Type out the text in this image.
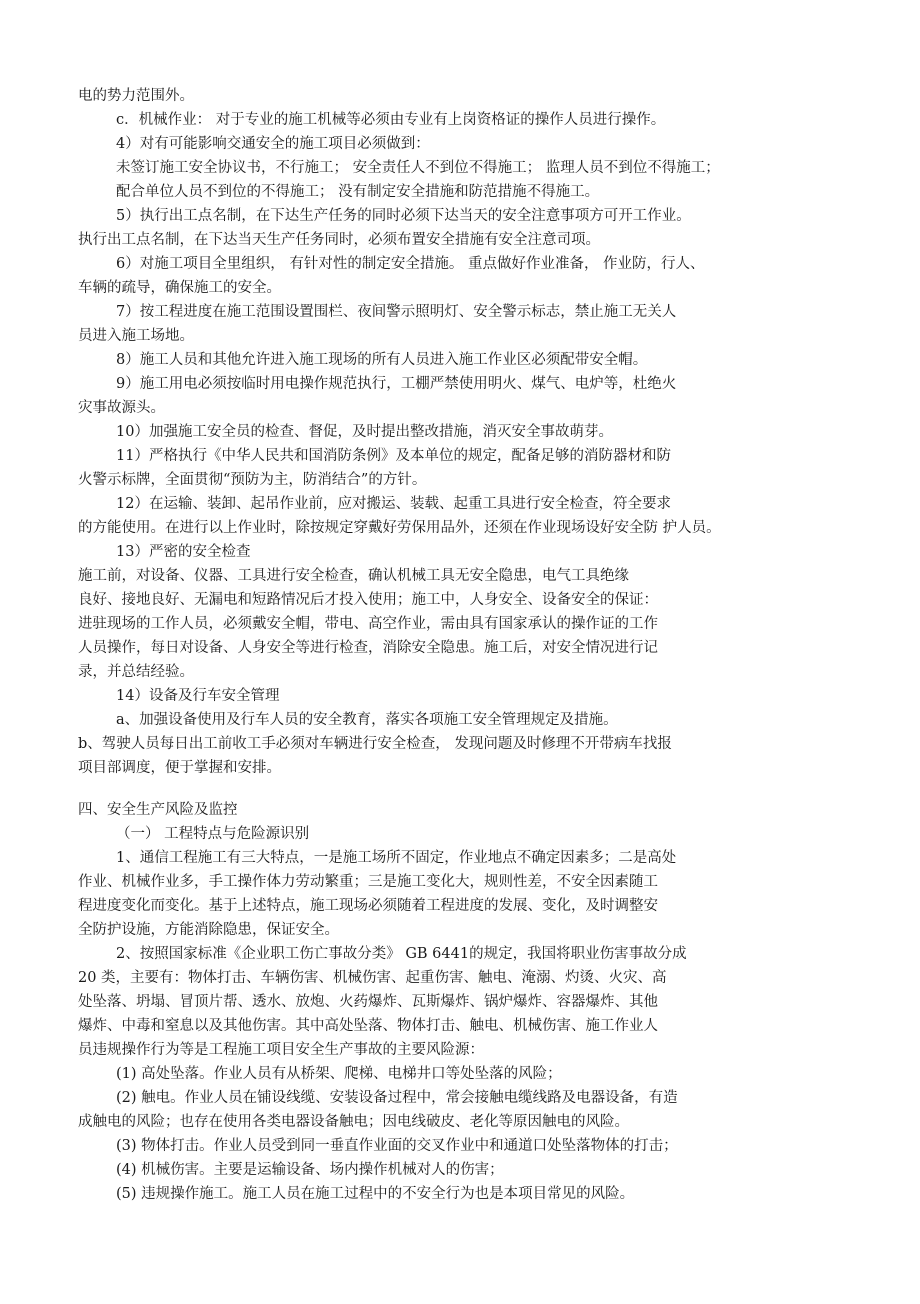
电的势力范围外。
c．机械作业： 对于专业的施工机械等必须由专业有上岗资格证的操作人员进行操作。
4）对有可能影响交通安全的施工项目必须做到：
未签订施工安全协议书，不行施工； 安全责任人不到位不得施工； 监理人员不到位不得施工；
配合单位人员不到位的不得施工； 没有制定安全措施和防范措施不得施工。
5）执行出工点名制，在下达生产任务的同时必须下达当天的安全注意事项方可开工作业。
执行出工点名制，在下达当天生产任务同时，必须布置安全措施有安全注意司项。
6）对施工项目全里组织， 有针对性的制定安全措施。 重点做好作业准备， 作业防，行人、
车辆的疏导，确保施工的安全。
7）按工程进度在施工范围设置围栏、夜间警示照明灯、安全警示标志，禁止施工无关人
员进入施工场地。
8）施工人员和其他允许进入施工现场的所有人员进入施工作业区必须配带安全帽。
9）施工用电必须按临时用电操作规范执行，工棚严禁使用明火、煤气、电炉等，杜绝火
灾事故源头。
10）加强施工安全员的检查、督促，及时提出整改措施，消灭安全事故萌芽。
11）严格执行《中华人民共和国消防条例》及本单位的规定，配备足够的消防器材和防
火警示标牌，全面贯彻“预防为主，防消结合”的方针。
12）在运输、装卸、起吊作业前，应对搬运、装载、起重工具进行安全检查，符全要求
的方能使用。在进行以上作业时，除按规定穿戴好劳保用品外，还须在作业现场设好安全防 护人员。
13）严密的安全检查
施工前，对设备、仪器、工具进行安全检查，确认机械工具无安全隐患，电气工具绝缘
良好、接地良好、无漏电和短路情况后才投入使用；施工中，人身安全、设备安全的保证：
进驻现场的工作人员，必须戴安全帽，带电、高空作业，需由具有国家承认的操作证的工作
人员操作，每日对设备、人身安全等进行检查，消除安全隐患。施工后，对安全情况进行记
录，并总结经验。
14）设备及行车安全管理
a、加强设备使用及行车人员的安全教育，落实各项施工安全管理规定及措施。
b、驾驶人员每日出工前收工手必须对车辆进行安全检查， 发现问题及时修理不开带病车找报
项目部调度，便于掌握和安排。
四、安全生产风险及监控
（一） 工程特点与危险源识别
1、通信工程施工有三大特点，一是施工场所不固定，作业地点不确定因素多；二是高处
作业、机械作业多，手工操作体力劳动繁重；三是施工变化大，规则性差，不安全因素随工
程进度变化而变化。基于上述特点，施工现场必须随着工程进度的发展、变化，及时调整安
全防护设施，方能消除隐患，保证安全。
2、按照国家标准《企业职工伤亡事故分类》 GB 6441的规定，我国将职业伤害事故分成
20 类，主要有：物体打击、车辆伤害、机械伤害、起重伤害、触电、淹溺、灼烫、火灾、高
处坠落、坍塌、冒顶片帮、透水、放炮、火药爆炸、瓦斯爆炸、锅炉爆炸、容器爆炸、其他
爆炸、中毒和窒息以及其他伤害。其中高处坠落、物体打击、触电、机械伤害、施工作业人
员违规操作行为等是工程施工项目安全生产事故的主要风险源：
(1) 高处坠落。作业人员有从桥架、爬梯、电梯井口等处坠落的风险；
(2) 触电。作业人员在铺设线缆、安装设备过程中，常会接触电缆线路及电器设备，有造
成触电的风险；也存在使用各类电器设备触电；因电线破皮、老化等原因触电的风险。
(3) 物体打击。作业人员受到同一垂直作业面的交叉作业中和通道口处坠落物体的打击；
(4) 机械伤害。主要是运输设备、场内操作机械对人的伤害；
(5) 违规操作施工。施工人员在施工过程中的不安全行为也是本项目常见的风险。
